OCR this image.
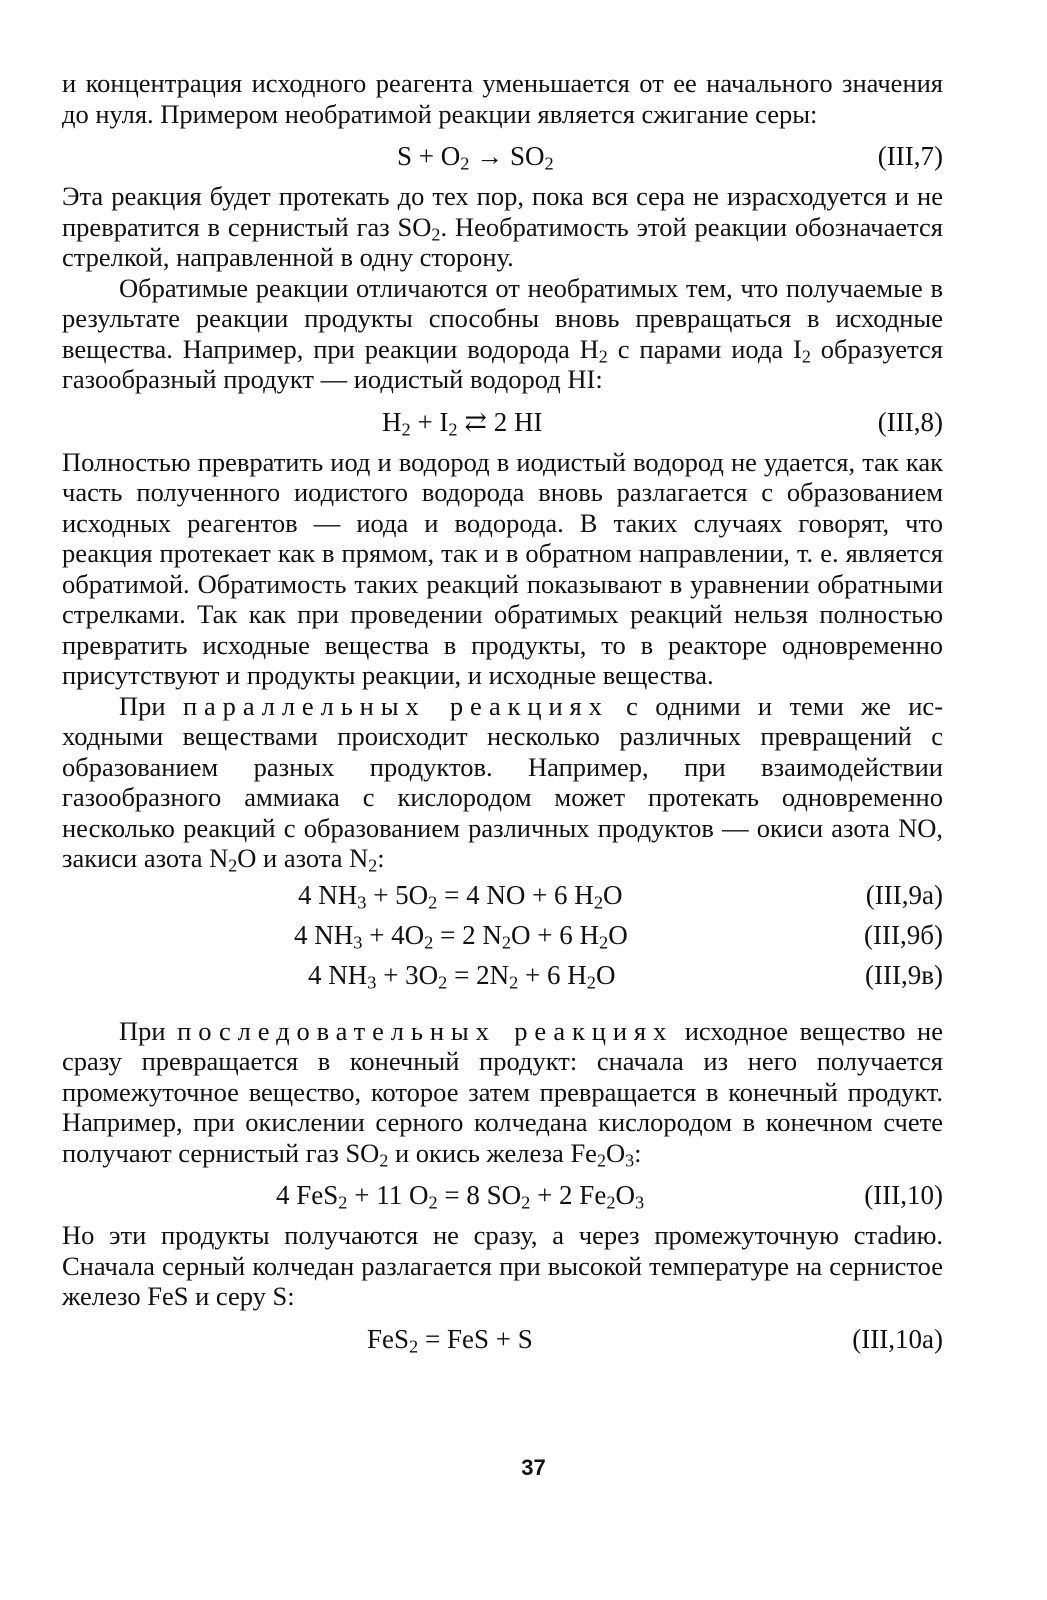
и концентрация исходного реагента уменьшается от ее начального значения до нуля. Примером необратимой реакции является сжигание серы:

$S + O_2 \to SO_2$	(III,7)

Эта реакция будет протекать до тех пор, пока вся сера не израсходуется и не превратится в сернистый газ $SO_2$. Необратимость этой реакции обозначается стрелкой, направленной в одну сторону.

Обратимые реакции отличаются от необратимых тем, что получаемые в результате реакции продукты способны вновь превращаться в исходные вещества. Например, при реакции водорода $H_2$ с парами иода $I_2$ образуется газообразный продукт — иодистый водород HI:

$H_2 + I_2$ ⇄ 2 HI	(III,8)

Полностью превратить иод и водород в иодистый водород не удается, так как часть полученного иодистого водорода вновь разлагается с образованием исходных реагентов — иода и водорода. В таких случаях говорят, что реакция протекает как в прямом, так и в обратном направлении, т. е. является обратимой. Обратимость таких реакций показывают в уравнении обратными стрелками. Так как при проведении обратимых реакций нельзя полностью превратить исходные вещества в продукты, то в реакторе одновременно присутствуют и продукты реакции, и исходные вещества.

При параллельных реакциях с одними и теми же исходными веществами происходит несколько различных превращений с образованием разных продуктов. Например, при взаимодействии газообразного аммиака с кислородом может протекать одновременно несколько реакций с образованием различных продуктов — окиси азота NO, закиси азота $N_2O$ и азота $N_2$:

4 $NH_3 + 5O_2 = 4$ NO + 6 $H_2O$	(III,9а)
4 $NH_3 + 4O_2 = 2$ $N_2O + 6$ $H_2O$	(III,9б)
4 $NH_3 + 3O_2 = 2N_2 + 6$ $H_2O$	(III,9в)

При последовательных реакциях исходное вещество не сразу превращается в конечный продукт: сначала из него получается промежуточное вещество, которое затем превращается в конечный продукт. Например, при окислении серного колчедана кислородом в конечном счете получают сернистый газ $SO_2$ и окись железа $Fe_2O_3$:

4 FeS$_2$ + 11 $O_2 = 8$ $SO_2 + 2$ $Fe_2O_3$	(III,10)

Но эти продукты получаются не сразу, а через промежуточную стаdию. Сначала серный колчедан разлагается при высокой температуре на сернистое железо FeS и серу S:

FeS$_2$ = FeS + S	(III,10а)
37
